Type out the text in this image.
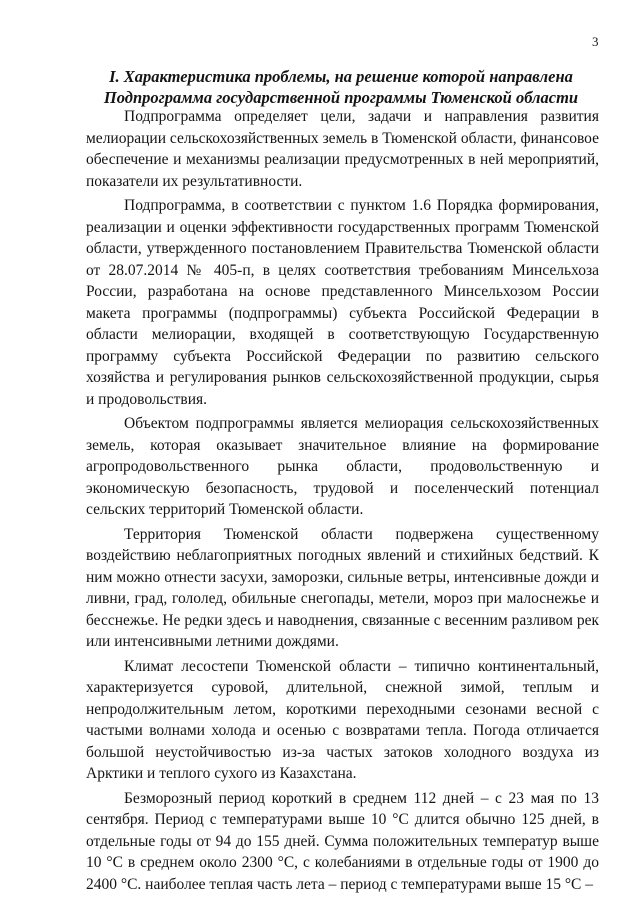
3
I. Характеристика проблемы, на решение которой направлена
Подпрограмма государственной программы Тюменской области

Подпрограмма определяет цели, задачи и направления развития мелиорации сельскохозяйственных земель в Тюменской области, финансовое обеспечение и механизмы реализации предусмотренных в ней мероприятий, показатели их результативности.

Подпрограмма, в соответствии с пунктом 1.6 Порядка формирования, реализации и оценки эффективности государственных программ Тюменской области, утвержденного постановлением Правительства Тюменской области от 28.07.2014 № 405-п, в целях соответствия требованиям Минсельхоза России, разработана на основе представленного Минсельхозом России макета программы (подпрограммы) субъекта Российской Федерации в области мелиорации, входящей в соответствующую Государственную программу субъекта Российской Федерации по развитию сельского хозяйства и регулирования рынков сельскохозяйственной продукции, сырья и продовольствия.

Объектом подпрограммы является мелиорация сельскохозяйственных земель, которая оказывает значительное влияние на формирование агропродовольственного рынка области, продовольственную и экономическую безопасность, трудовой и поселенческий потенциал сельских территорий Тюменской области.

Территория Тюменской области подвержена существенному воздействию неблагоприятных погодных явлений и стихийных бедствий. К ним можно отнести засухи, заморозки, сильные ветры, интенсивные дожди и ливни, град, гололед, обильные снегопады, метели, мороз при малоснежье и бесснежье. Не редки здесь и наводнения, связанные с весенним разливом рек или интенсивными летними дождями.

Климат лесостепи Тюменской области – типично континентальный, характеризуется суровой, длительной, снежной зимой, теплым и непродолжительным летом, короткими переходными сезонами весной с частыми волнами холода и осенью с возвратами тепла. Погода отличается большой неустойчивостью из-за частых затоков холодного воздуха из Арктики и теплого сухого из Казахстана.

Безморозный период короткий в среднем 112 дней – с 23 мая по 13 сентября. Период с температурами выше 10 °С длится обычно 125 дней, в отдельные годы от 94 до 155 дней. Сумма положительных температур выше 10 °С в среднем около 2300 °С, с колебаниями в отдельные годы от 1900 до 2400 °С. наиболее теплая часть лета – период с температурами выше 15 °С –
